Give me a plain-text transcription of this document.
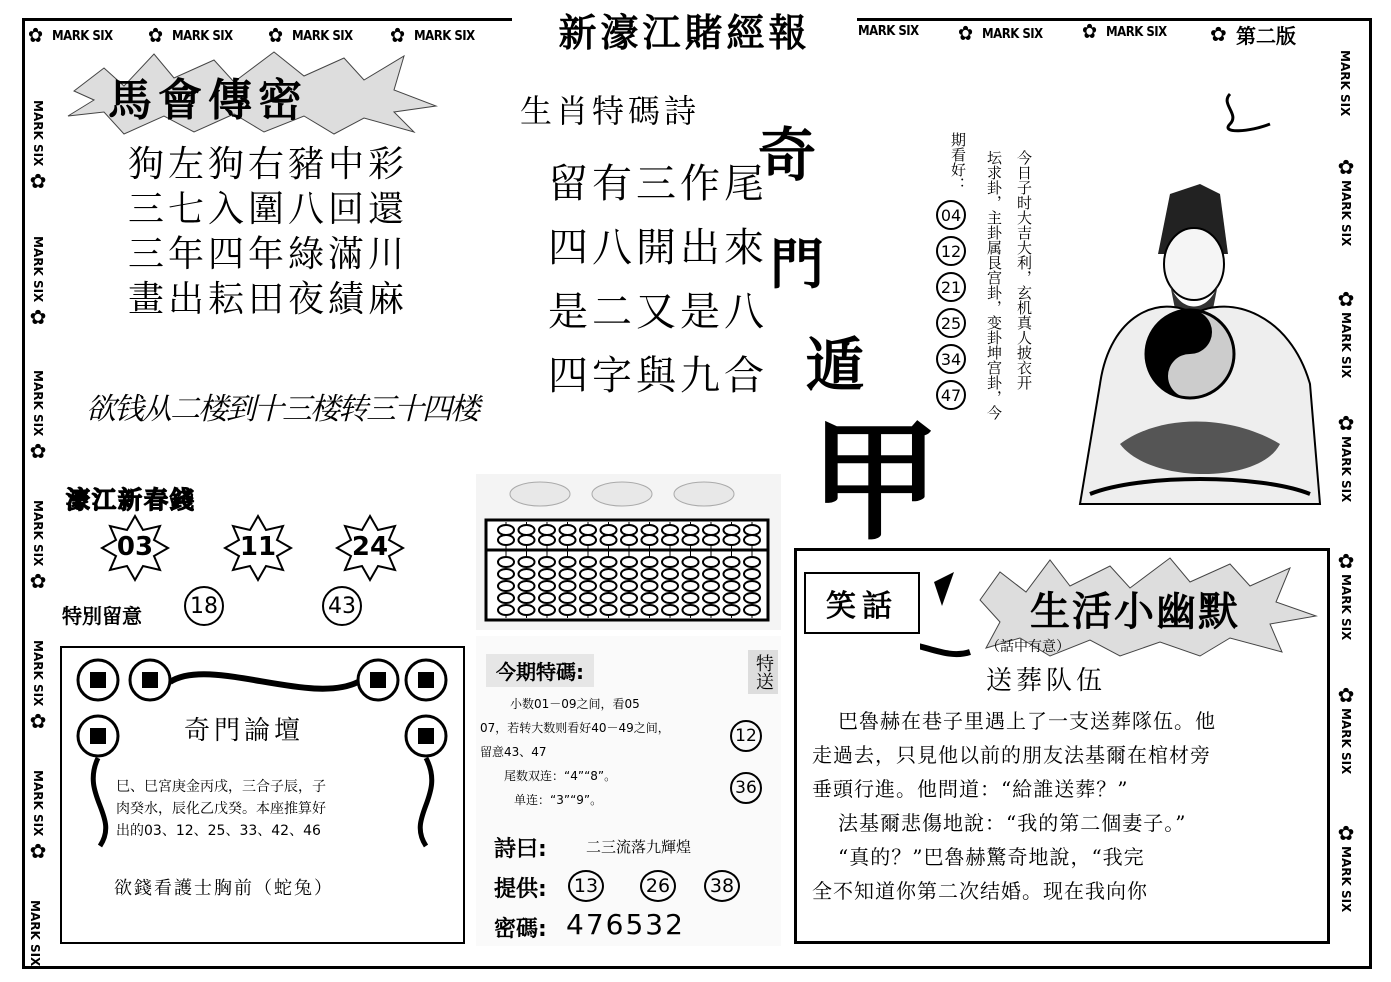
✿
MARK SIX ✿	MARK SIX ✿	MARK SIX ✿	MARK SIX	MARK SIX ✿	MARK SIX ✿	MARK SIX
新濠江賭經報 ✿	第二版
MARK SIX
✿
MARK SIX
✿
MARK SIX
✿
MARK SIX
✿
MARK SIX
✿
MARK SIX
✿
MARK SIX
MARK SIX
✿
MARK SIX
✿
MARK SIX
✿
MARK SIX
✿
MARK SIX
✿
MARK SIX
✿
MARK SIX
馬會傳密
狗左狗右豬中彩
三七入圍八回還
三年四年綠滿川
畫出耘田夜績麻
欲钱从二楼到十三楼转三十四楼
濠江新春錢
03	11	24
特別留意 18	43
奇門論壇
巳、巳宮庚金丙戌，三合子辰，子
肉癸水，辰化乙戊癸。本座推算好
出的03、12、25、33、42、46
欲錢看護士胸前（蛇兔）
生肖特碼詩
留有三作尾
四八開出來
是二又是八
四字與九合
奇
門
遁
甲
今日子时大吉大利，玄机真人披衣开
坛求卦，主卦属艮宫卦，变卦坤宫卦，今
期看好：
04
12
21
25
34
47
今期特碼:	特送
小数01－09之间，看05
07，若转大数则看好40－49之间，
留意43、47
尾数双连：“4”“8”。
单连：“3”“9”。
12
36
詩曰:	二三流落九輝煌
提供:	13	26	38
密碼: 476532
笑話	生活小幽默
（話中有意）
送葬队伍
巴魯赫在巷子里遇上了一支送葬隊伍。他
走過去，只見他以前的朋友法基爾在棺材旁
垂頭行進。他問道：“給誰送葬？”
法基爾悲傷地說：“我的第二個妻子。”
“真的？”巴魯赫驚奇地說，“我完
全不知道你第二次结婚。现在我向你
